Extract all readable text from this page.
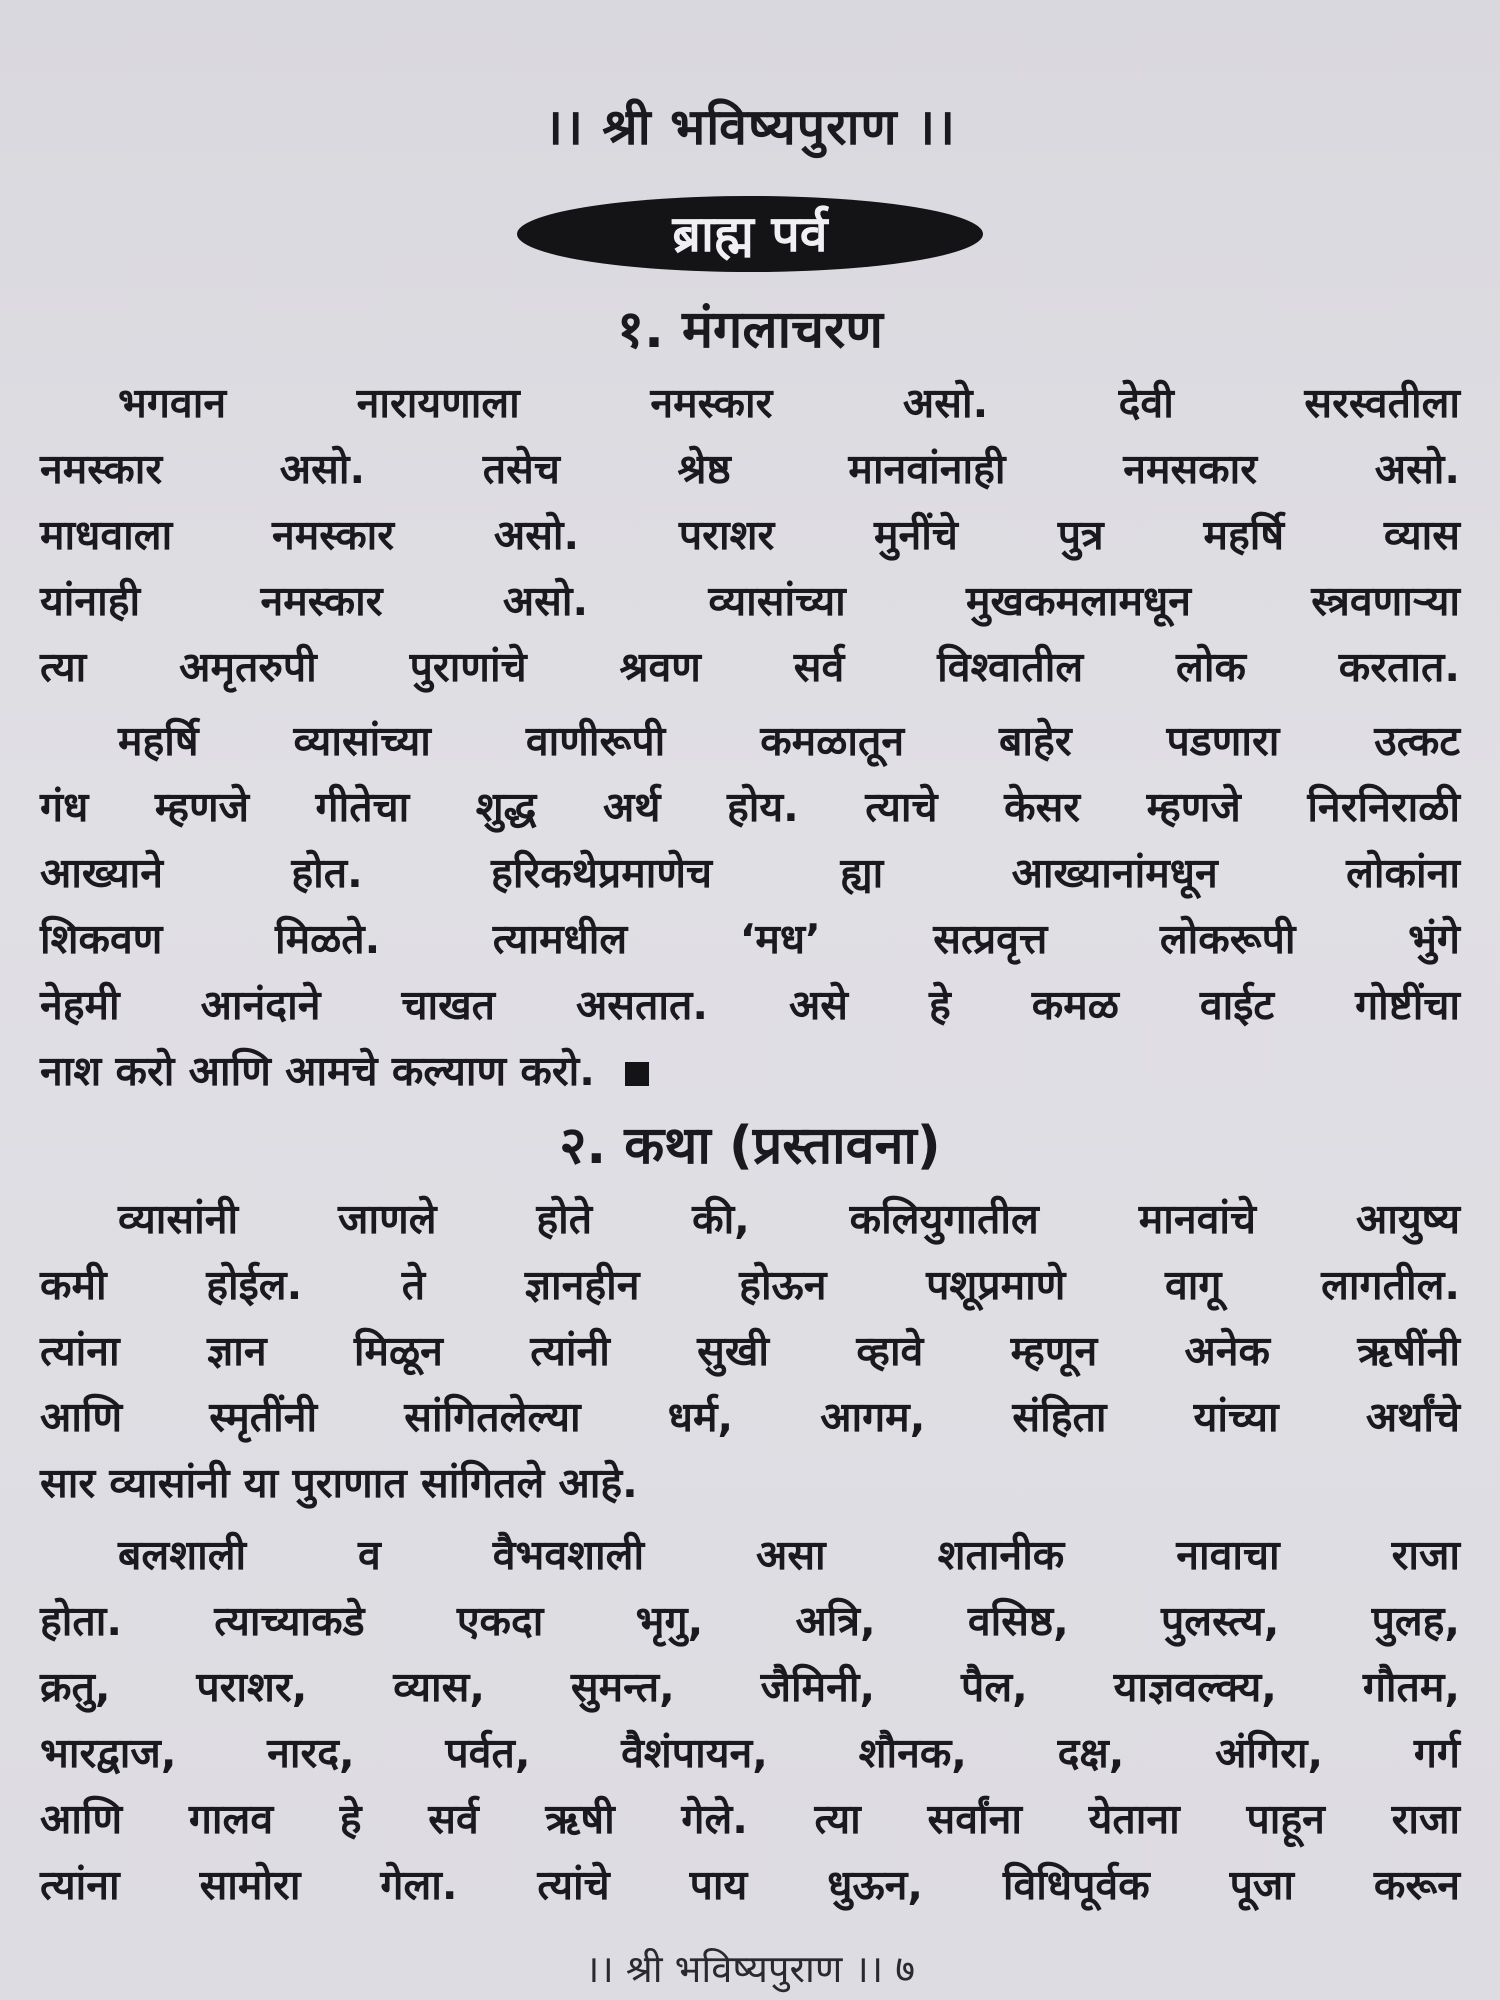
।। श्री भविष्यपुराण ।।
ब्राह्म पर्व
१. मंगलाचरण

भगवान नारायणाला नमस्कार असो. देवी सरस्वतीला
नमस्कार असो. तसेच श्रेष्ठ मानवांनाही नमसकार असो.
माधवाला नमस्कार असो. पराशर मुनींचे पुत्र महर्षि व्यास
यांनाही नमस्कार असो. व्यासांच्या मुखकमलामधून स्त्रवणाऱ्या
त्या अमृतरुपी पुराणांचे श्रवण सर्व विश्वातील लोक करतात.

महर्षि व्यासांच्या वाणीरूपी कमळातून बाहेर पडणारा उत्कट
गंध म्हणजे गीतेचा शुद्ध अर्थ होय. त्याचे केसर म्हणजे निरनिराळी
आख्याने होत. हरिकथेप्रमाणेच ह्या आख्यानांमधून लोकांना
शिकवण मिळते. त्यामधील ‘मध’ सत्प्रवृत्त लोकरूपी भुंगे
नेहमी आनंदाने चाखत असतात. असे हे कमळ वाईट गोष्टींचा
नाश करो आणि आमचे कल्याण करो.

२. कथा (प्रस्तावना)

व्यासांनी जाणले होते की, कलियुगातील मानवांचे आयुष्य
कमी होईल. ते ज्ञानहीन होऊन पशूप्रमाणे वागू लागतील.
त्यांना ज्ञान मिळून त्यांनी सुखी व्हावे म्हणून अनेक ऋषींनी
आणि स्मृतींनी सांगितलेल्या धर्म, आगम, संहिता यांच्या अर्थांचे
सार व्यासांनी या पुराणात सांगितले आहे.

बलशाली व वैभवशाली असा शतानीक नावाचा राजा
होता. त्याच्याकडे एकदा भृगु, अत्रि, वसिष्ठ, पुलस्त्य, पुलह,
क्रतु, पराशर, व्यास, सुमन्त, जैमिनी, पैल, याज्ञवल्क्य, गौतम,
भारद्वाज, नारद, पर्वत, वैशंपायन, शौनक, दक्ष, अंगिरा, गर्ग
आणि गालव हे सर्व ऋषी गेले. त्या सर्वांना येताना पाहून राजा
त्यांना सामोरा गेला. त्यांचे पाय धुऊन, विधिपूर्वक पूजा करून

।। श्री भविष्यपुराण ।। ७
